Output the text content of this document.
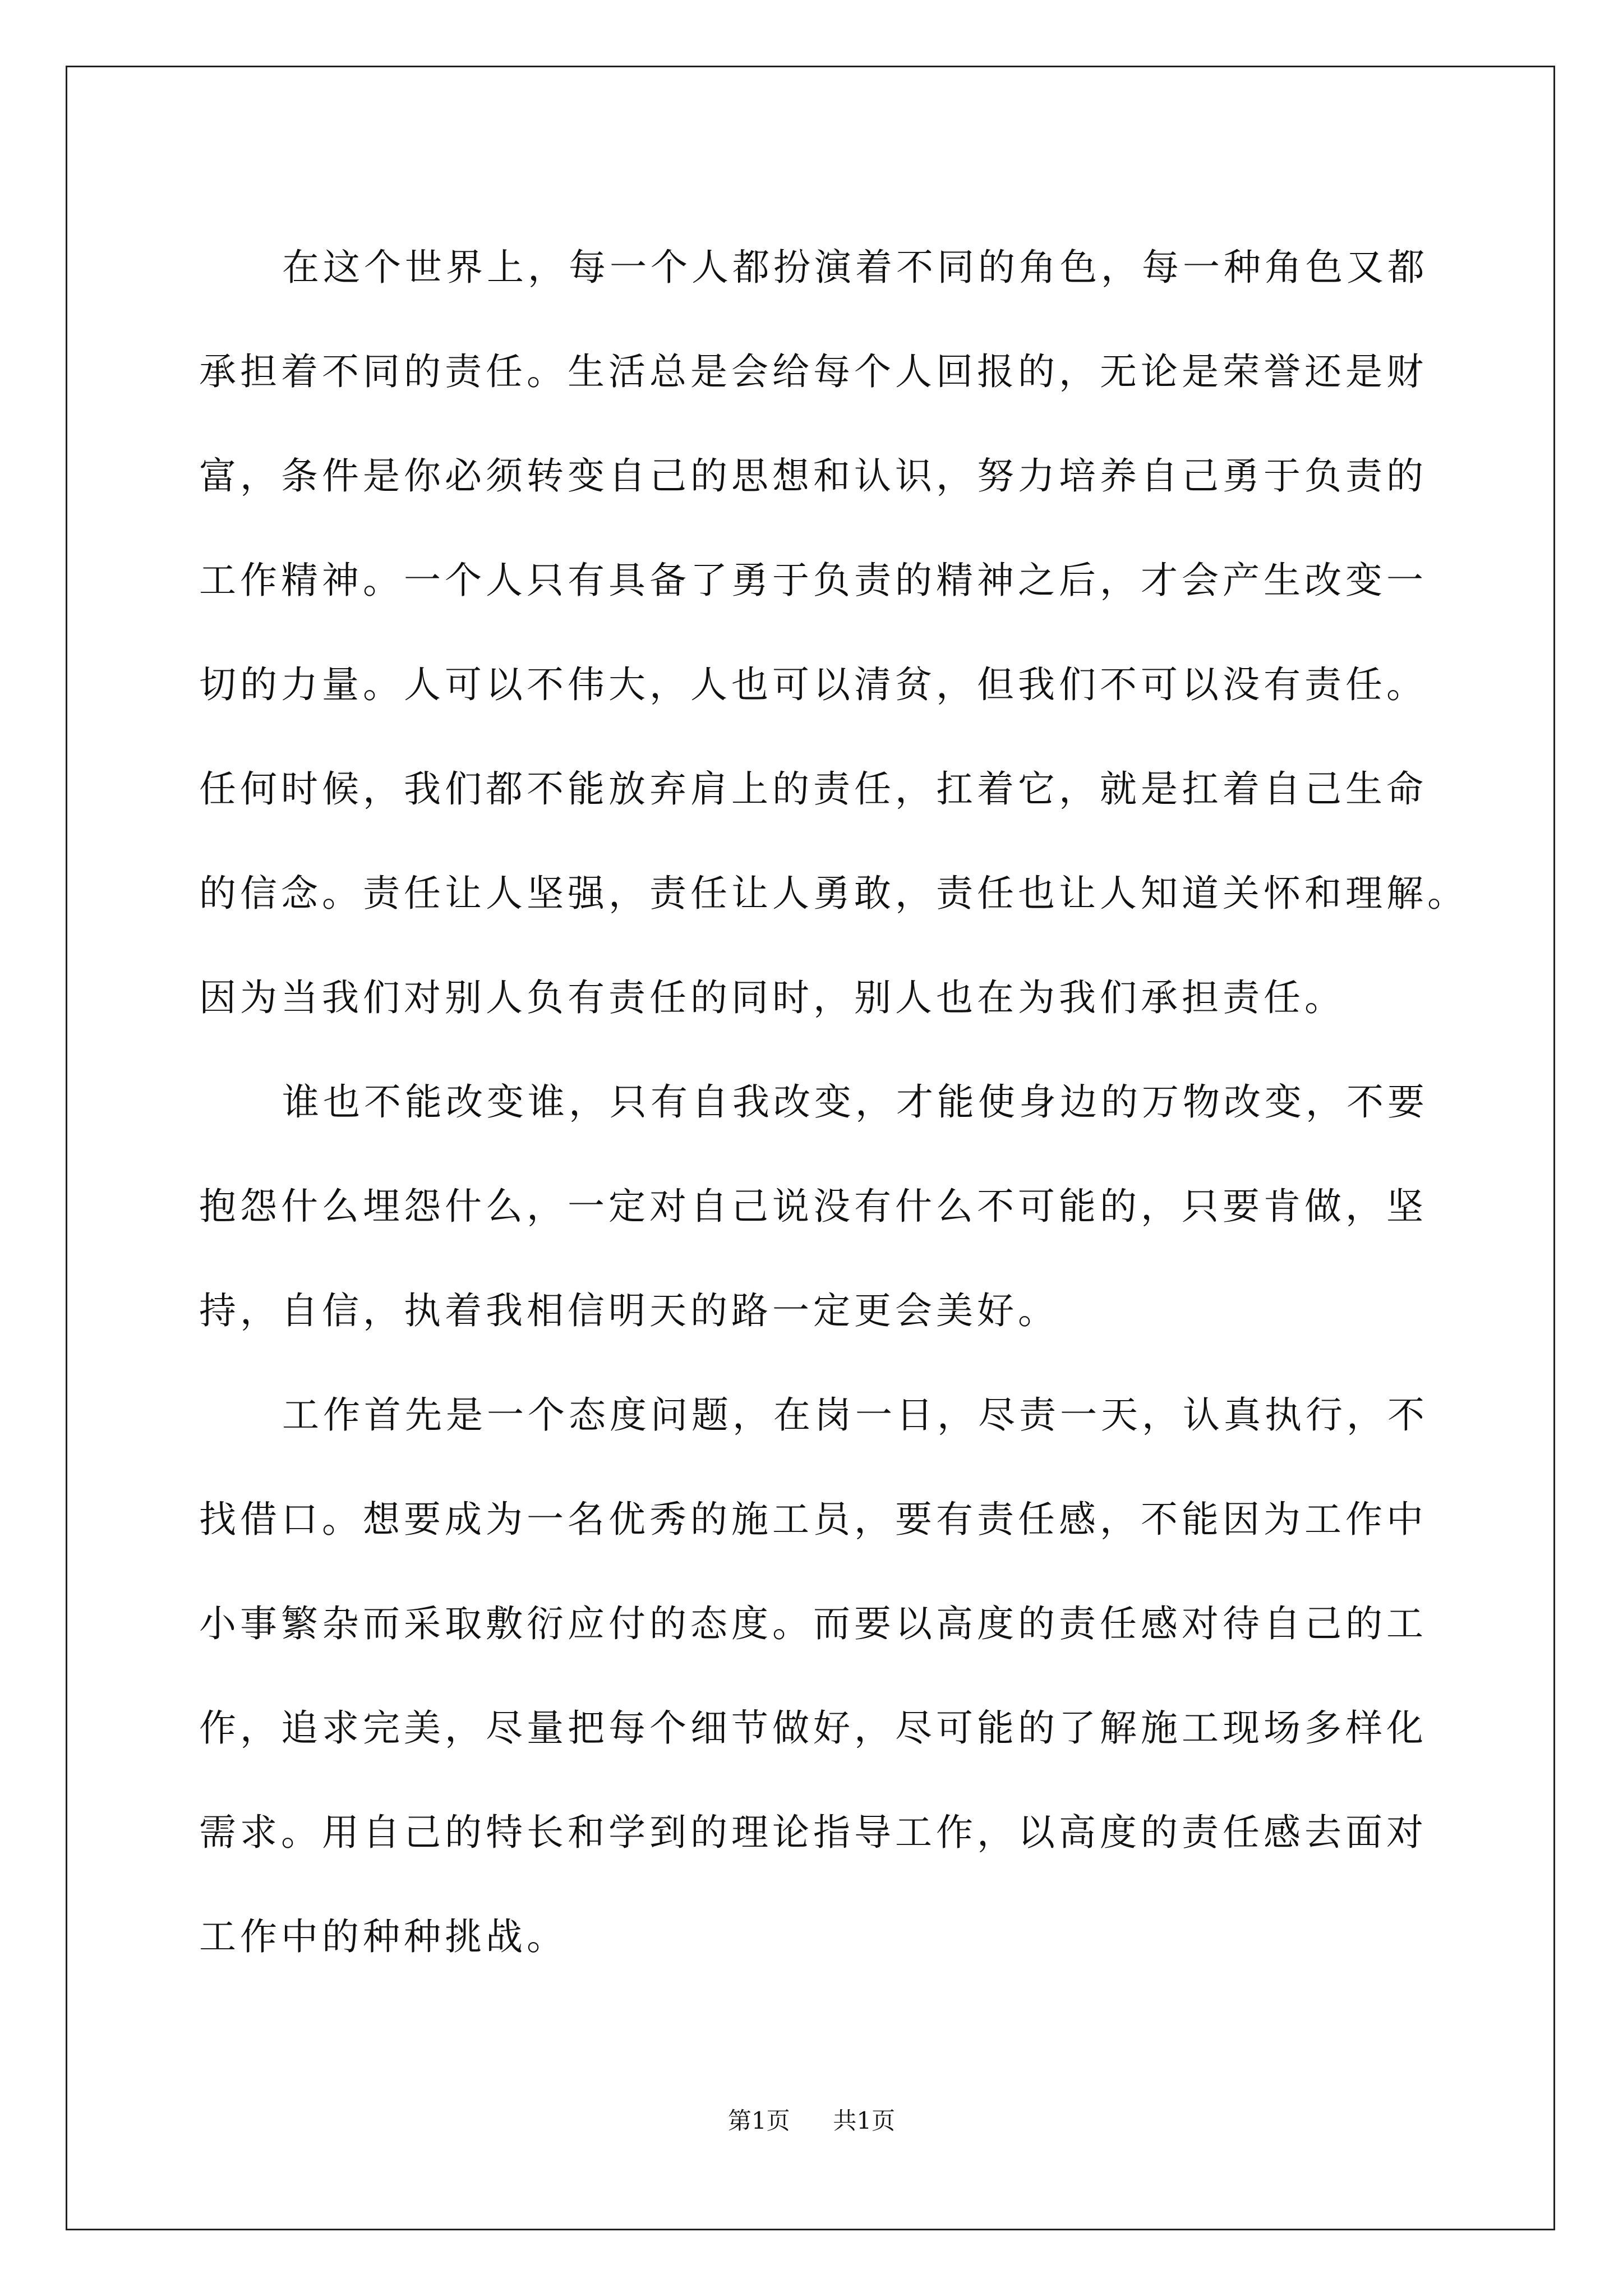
在这个世界上，每一个人都扮演着不同的角色，每一种角色又都
承担着不同的责任。生活总是会给每个人回报的，无论是荣誉还是财
富，条件是你必须转变自己的思想和认识，努力培养自己勇于负责的
工作精神。一个人只有具备了勇于负责的精神之后，才会产生改变一
切的力量。人可以不伟大，人也可以清贫，但我们不可以没有责任。
任何时候，我们都不能放弃肩上的责任，扛着它，就是扛着自己生命
的信念。责任让人坚强，责任让人勇敢，责任也让人知道关怀和理解。
因为当我们对别人负有责任的同时，别人也在为我们承担责任。
谁也不能改变谁，只有自我改变，才能使身边的万物改变，不要
抱怨什么埋怨什么，一定对自己说没有什么不可能的，只要肯做，坚
持，自信，执着我相信明天的路一定更会美好。
工作首先是一个态度问题，在岗一日，尽责一天，认真执行，不
找借口。想要成为一名优秀的施工员，要有责任感，不能因为工作中
小事繁杂而采取敷衍应付的态度。而要以高度的责任感对待自己的工
作，追求完美，尽量把每个细节做好，尽可能的了解施工现场多样化
需求。用自己的特长和学到的理论指导工作，以高度的责任感去面对
工作中的种种挑战。
第1页 共1页
